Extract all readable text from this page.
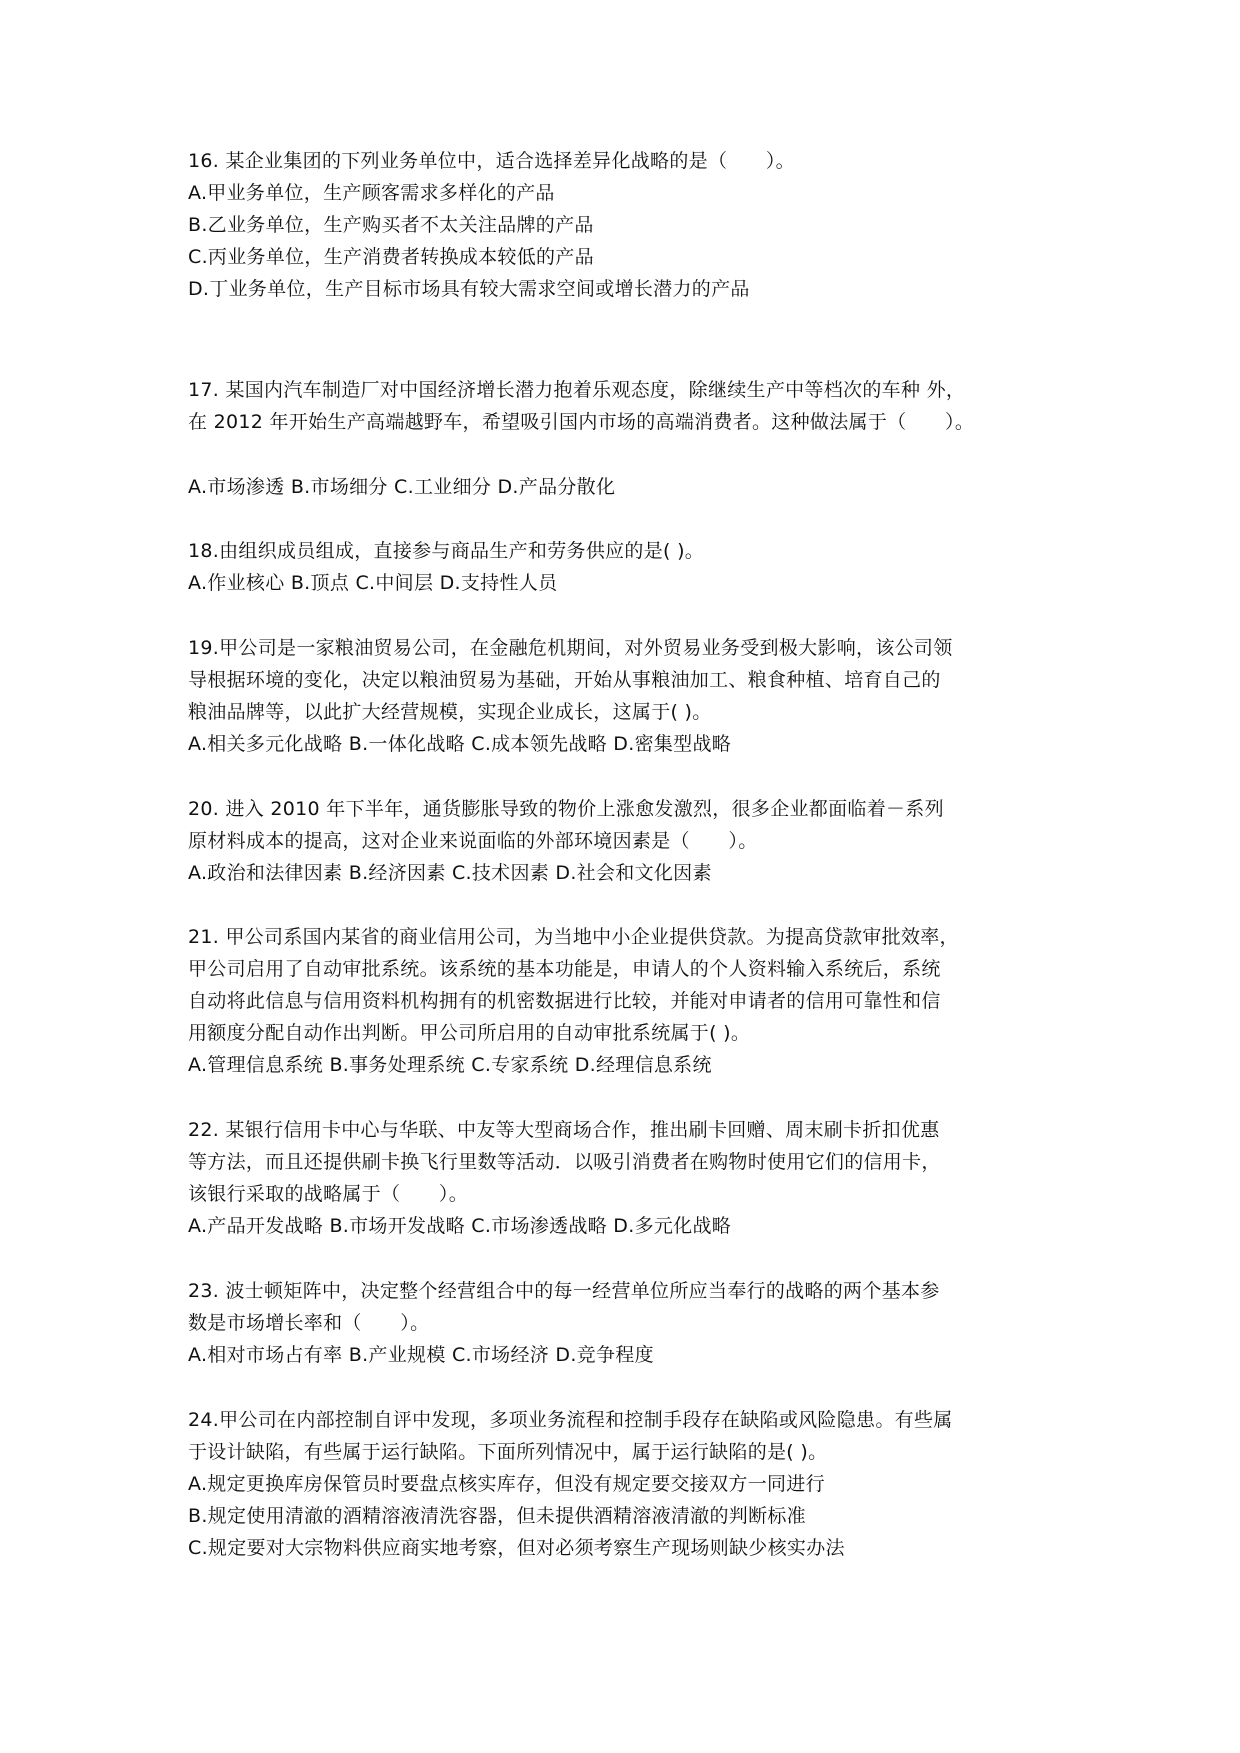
16. 某企业集团的下列业务单位中，适合选择差异化战略的是（　　）。
A.甲业务单位，生产顾客需求多样化的产品
B.乙业务单位，生产购买者不太关注品牌的产品
C.丙业务单位，生产消费者转换成本较低的产品
D.丁业务单位，生产目标市场具有较大需求空间或增长潜力的产品
17. 某国内汽车制造厂对中国经济增长潜力抱着乐观态度，除继续生产中等档次的车种 外，
在 2012 年开始生产高端越野车，希望吸引国内市场的高端消费者。这种做法属于（　　）。
A.市场渗透 B.市场细分 C.工业细分 D.产品分散化
18.由组织成员组成，直接参与商品生产和劳务供应的是( )。
A.作业核心 B.顶点 C.中间层 D.支持性人员
19.甲公司是一家粮油贸易公司，在金融危机期间，对外贸易业务受到极大影响，该公司领
导根据环境的变化，决定以粮油贸易为基础，开始从事粮油加工、粮食种植、培育自己的
粮油品牌等，以此扩大经营规模，实现企业成长，这属于( )。
A.相关多元化战略 B.一体化战略 C.成本领先战略 D.密集型战略
20. 进入 2010 年下半年，通货膨胀导致的物价上涨愈发激烈，很多企业都面临着－系列
原材料成本的提高，这对企业来说面临的外部环境因素是（　　）。
A.政治和法律因素 B.经济因素 C.技术因素 D.社会和文化因素
21. 甲公司系国内某省的商业信用公司，为当地中小企业提供贷款。为提高贷款审批效率，
甲公司启用了自动审批系统。该系统的基本功能是，申请人的个人资料输入系统后，系统
自动将此信息与信用资料机构拥有的机密数据进行比较，并能对申请者的信用可靠性和信
用额度分配自动作出判断。甲公司所启用的自动审批系统属于( )。
A.管理信息系统 B.事务处理系统 C.专家系统 D.经理信息系统
22. 某银行信用卡中心与华联、中友等大型商场合作，推出刷卡回赠、周末刷卡折扣优惠
等方法，而且还提供刷卡换飞行里数等活动．以吸引消费者在购物时使用它们的信用卡，
该银行采取的战略属于（　　）。
A.产品开发战略 B.市场开发战略 C.市场渗透战略 D.多元化战略
23. 波士顿矩阵中，决定整个经营组合中的每一经营单位所应当奉行的战略的两个基本参
数是市场增长率和（　　）。
A.相对市场占有率 B.产业规模 C.市场经济 D.竞争程度
24.甲公司在内部控制自评中发现，多项业务流程和控制手段存在缺陷或风险隐患。有些属
于设计缺陷，有些属于运行缺陷。下面所列情况中，属于运行缺陷的是( )。
A.规定更换库房保管员时要盘点核实库存，但没有规定要交接双方一同进行
B.规定使用清澈的酒精溶液清洗容器，但未提供酒精溶液清澈的判断标准
C.规定要对大宗物料供应商实地考察，但对必须考察生产现场则缺少核实办法
